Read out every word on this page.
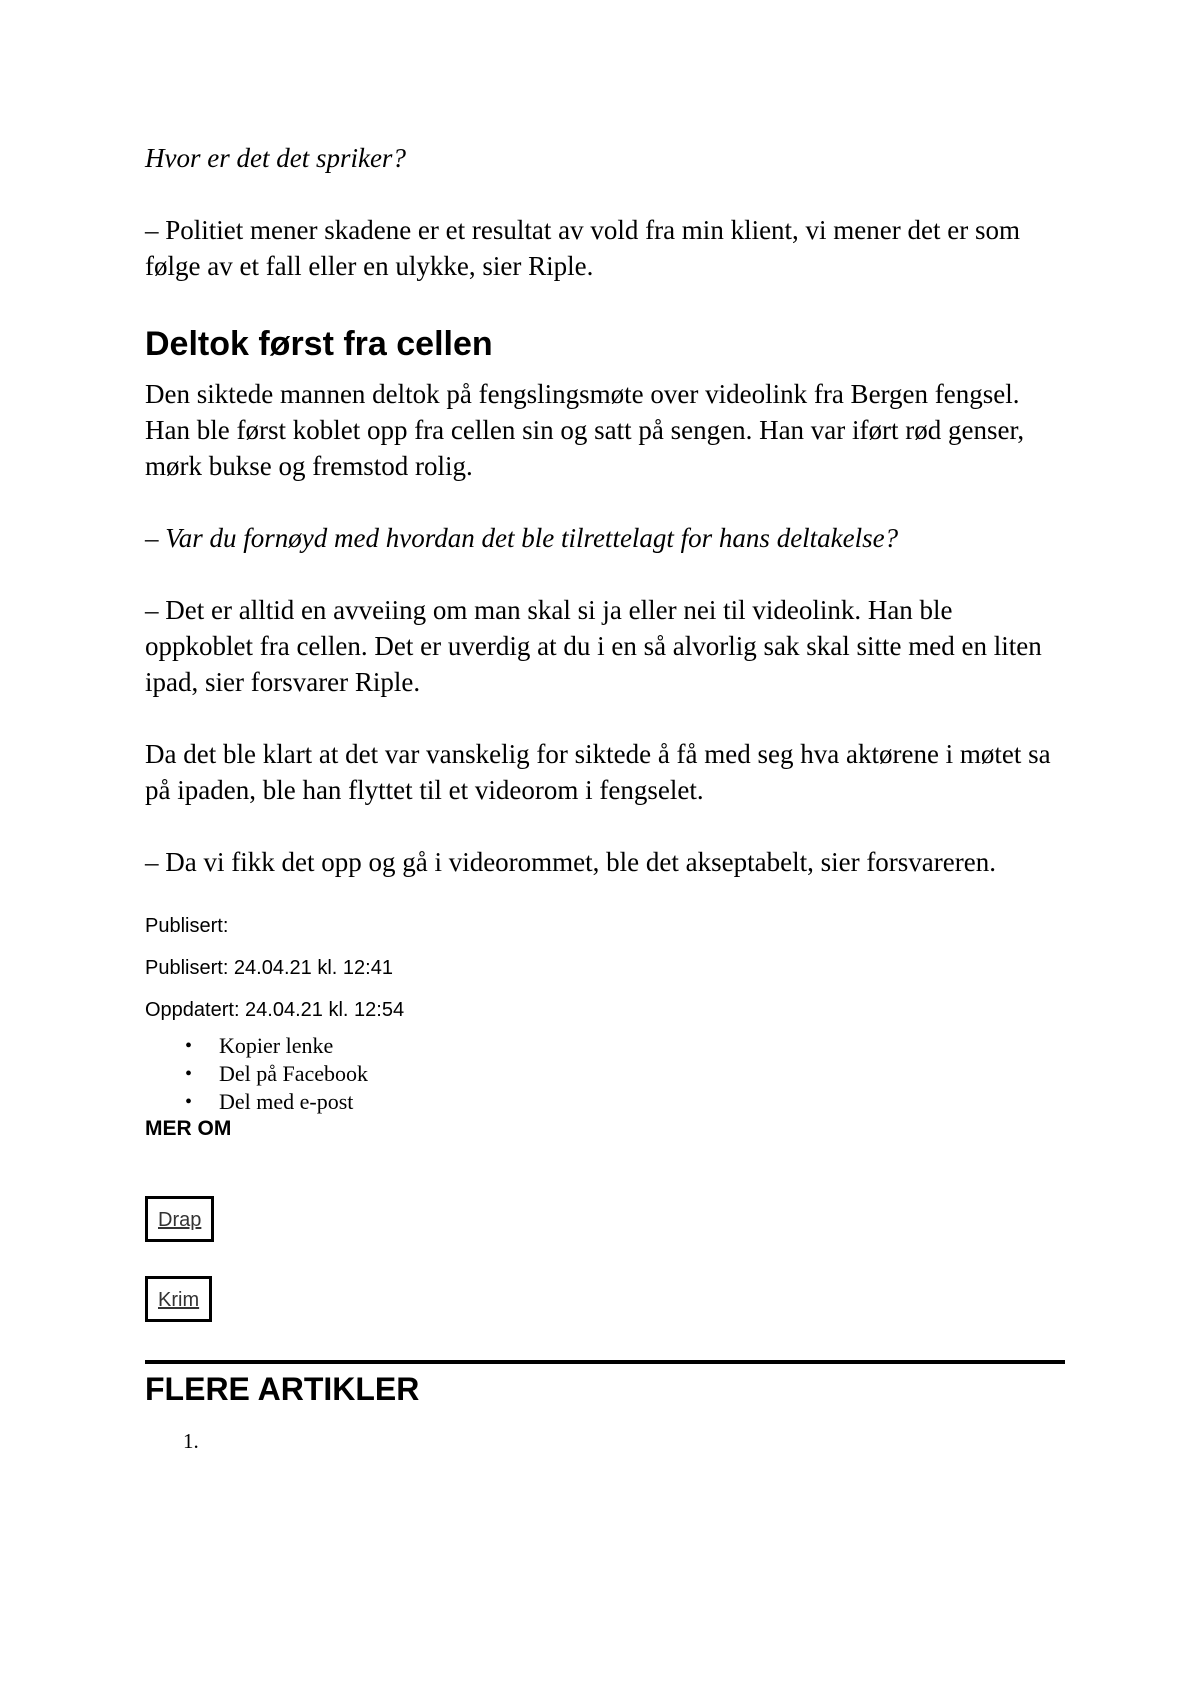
Hvor er det det spriker?

– Politiet mener skadene er et resultat av vold fra min klient, vi mener det er som følge av et fall eller en ulykke, sier Riple.

Deltok først fra cellen

Den siktede mannen deltok på fengslingsmøte over videolink fra Bergen fengsel. Han ble først koblet opp fra cellen sin og satt på sengen. Han var iført rød genser, mørk bukse og fremstod rolig.

– Var du fornøyd med hvordan det ble tilrettelagt for hans deltakelse?

– Det er alltid en avveiing om man skal si ja eller nei til videolink. Han ble oppkoblet fra cellen. Det er uverdig at du i en så alvorlig sak skal sitte med en liten ipad, sier forsvarer Riple.

Da det ble klart at det var vanskelig for siktede å få med seg hva aktørene i møtet sa på ipaden, ble han flyttet til et videorom i fengselet.

– Da vi fikk det opp og gå i videorommet, ble det akseptabelt, sier forsvareren.

Publisert:

Publisert: 24.04.21 kl. 12:41

Oppdatert: 24.04.21 kl. 12:54

• Kopier lenke
• Del på Facebook
• Del med e-post

MER OM

Drap
Krim
FLERE ARTIKLER

1.
